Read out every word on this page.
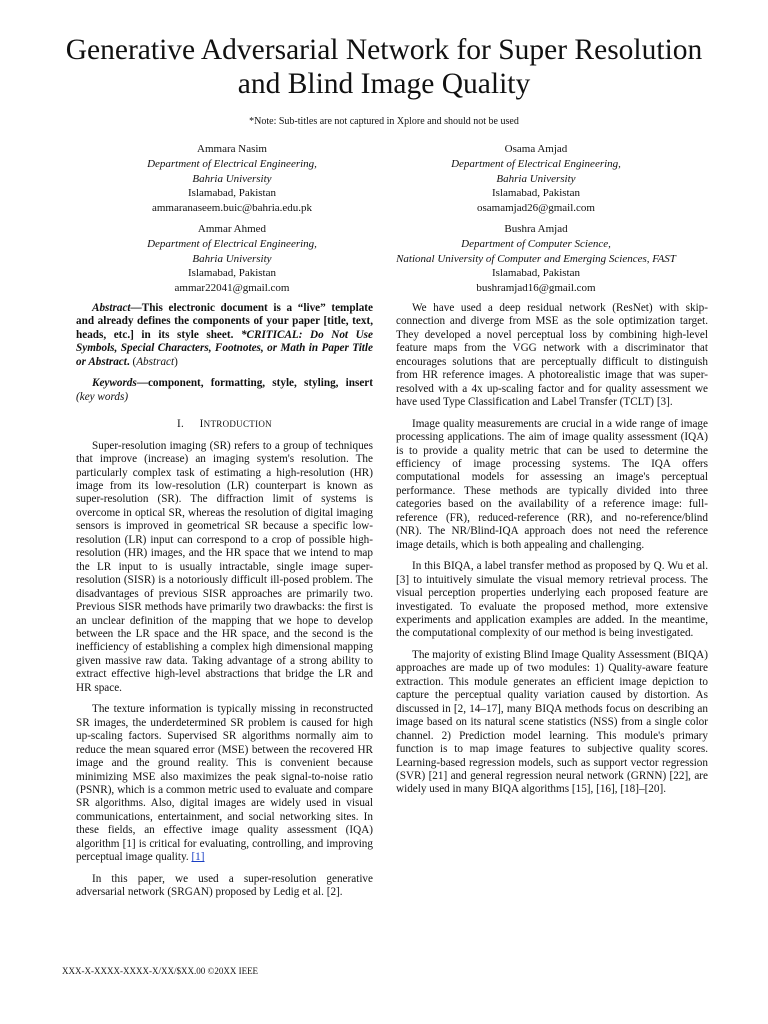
Generative Adversarial Network for Super Resolution and Blind Image Quality
*Note: Sub-titles are not captured in Xplore and should not be used
Ammara Nasim
Department of Electrical Engineering,
Bahria University
Islamabad, Pakistan
ammaranaseem.buic@bahria.edu.pk
Osama Amjad
Department of Electrical Engineering,
Bahria University
Islamabad, Pakistan
osamamjad26@gmail.com
Ammar Ahmed
Department of Electrical Engineering,
Bahria University
Islamabad, Pakistan
ammar22041@gmail.com
Bushra Amjad
Department of Computer Science,
National University of Computer and Emerging Sciences, FAST
Islamabad, Pakistan
bushramjad16@gmail.com

Abstract—This electronic document is a “live” template and already defines the components of your paper [title, text, heads, etc.] in its style sheet. *CRITICAL: Do Not Use Symbols, Special Characters, Footnotes, or Math in Paper Title or Abstract. (Abstract)

Keywords—component, formatting, style, styling, insert (key words)

I. INTRODUCTION

Super-resolution imaging (SR) refers to a group of techniques that improve (increase) an imaging system's resolution. The particularly complex task of estimating a high-resolution (HR) image from its low-resolution (LR) counterpart is known as super-resolution (SR). The diffraction limit of systems is overcome in optical SR, whereas the resolution of digital imaging sensors is improved in geometrical SR because a specific low-resolution (LR) input can correspond to a crop of possible high-resolution (HR) images, and the HR space that we intend to map the LR input to is usually intractable, single image super-resolution (SISR) is a notoriously difficult ill-posed problem. The disadvantages of previous SISR approaches are primarily two. Previous SISR methods have primarily two drawbacks: the first is an unclear definition of the mapping that we hope to develop between the LR space and the HR space, and the second is the inefficiency of establishing a complex high dimensional mapping given massive raw data. Taking advantage of a strong ability to extract effective high-level abstractions that bridge the LR and HR space.

The texture information is typically missing in reconstructed SR images, the underdetermined SR problem is caused for high up-scaling factors. Supervised SR algorithms normally aim to reduce the mean squared error (MSE) between the recovered HR image and the ground reality. This is convenient because minimizing MSE also maximizes the peak signal-to-noise ratio (PSNR), which is a common metric used to evaluate and compare SR algorithms. Also, digital images are widely used in visual communications, entertainment, and social networking sites. In these fields, an effective image quality assessment (IQA) algorithm [1] is critical for evaluating, controlling, and improving perceptual image quality. [1]

In this paper, we used a super-resolution generative adversarial network (SRGAN) proposed by Ledig et al. [2].

We have used a deep residual network (ResNet) with skip-connection and diverge from MSE as the sole optimization target. They developed a novel perceptual loss by combining high-level feature maps from the VGG network with a discriminator that encourages solutions that are perceptually difficult to distinguish from HR reference images. A photorealistic image that was super-resolved with a 4x up-scaling factor and for quality assessment we have used Type Classification and Label Transfer (TCLT) [3].

Image quality measurements are crucial in a wide range of image processing applications. The aim of image quality assessment (IQA) is to provide a quality metric that can be used to determine the efficiency of image processing systems. The IQA offers computational models for assessing an image's perceptual performance. These methods are typically divided into three categories based on the availability of a reference image: full-reference (FR), reduced-reference (RR), and no-reference/blind (NR). The NR/Blind-IQA approach does not need the reference image details, which is both appealing and challenging.

In this BIQA, a label transfer method as proposed by Q. Wu et al. [3] to intuitively simulate the visual memory retrieval process. The visual perception properties underlying each proposed feature are investigated. To evaluate the proposed method, more extensive experiments and application examples are added. In the meantime, the computational complexity of our method is being investigated.

The majority of existing Blind Image Quality Assessment (BIQA) approaches are made up of two modules: 1) Quality-aware feature extraction. This module generates an efficient image depiction to capture the perceptual quality variation caused by distortion. As discussed in [2, 14–17], many BIQA methods focus on describing an image based on its natural scene statistics (NSS) from a single color channel. 2) Prediction model learning. This module's primary function is to map image features to subjective quality scores. Learning-based regression models, such as support vector regression (SVR) [21] and general regression neural network (GRNN) [22], are widely used in many BIQA algorithms [15], [16], [18]–[20].

XXX-X-XXXX-XXXX-X/XX/$XX.00 ©20XX IEEE
